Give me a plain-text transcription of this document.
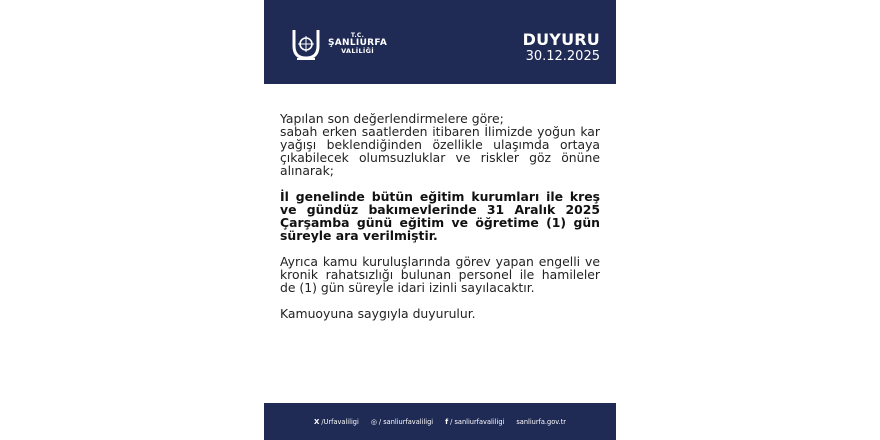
T.C.
ŞANLIURFA
VALİLİĞİ
DUYURU
30.12.2025

Yapılan son değerlendirmelere göre;

sabah erken saatlerden itibaren İlimizde yoğun kar yağışı beklendiğinden özellikle ulaşımda ortaya çıkabilecek olumsuzluklar ve riskler göz önüne alınarak;

İl genelinde bütün eğitim kurumları ile kreş ve gündüz bakımevlerinde 31 Aralık 2025 Çarşamba günü eğitim ve öğretime (1) gün süreyle ara verilmiştir.

Ayrıca kamu kuruluşlarında görev yapan engelli ve kronik rahatsızlığı bulunan personel ile hamileler de (1) gün süreyle idari izinli sayılacaktır.

Kamuoyuna saygıyla duyurulur.

X /Urfavaliligi ◎ / sanliurfavaliligi f / sanliurfavaliligi sanliurfa.gov.tr
